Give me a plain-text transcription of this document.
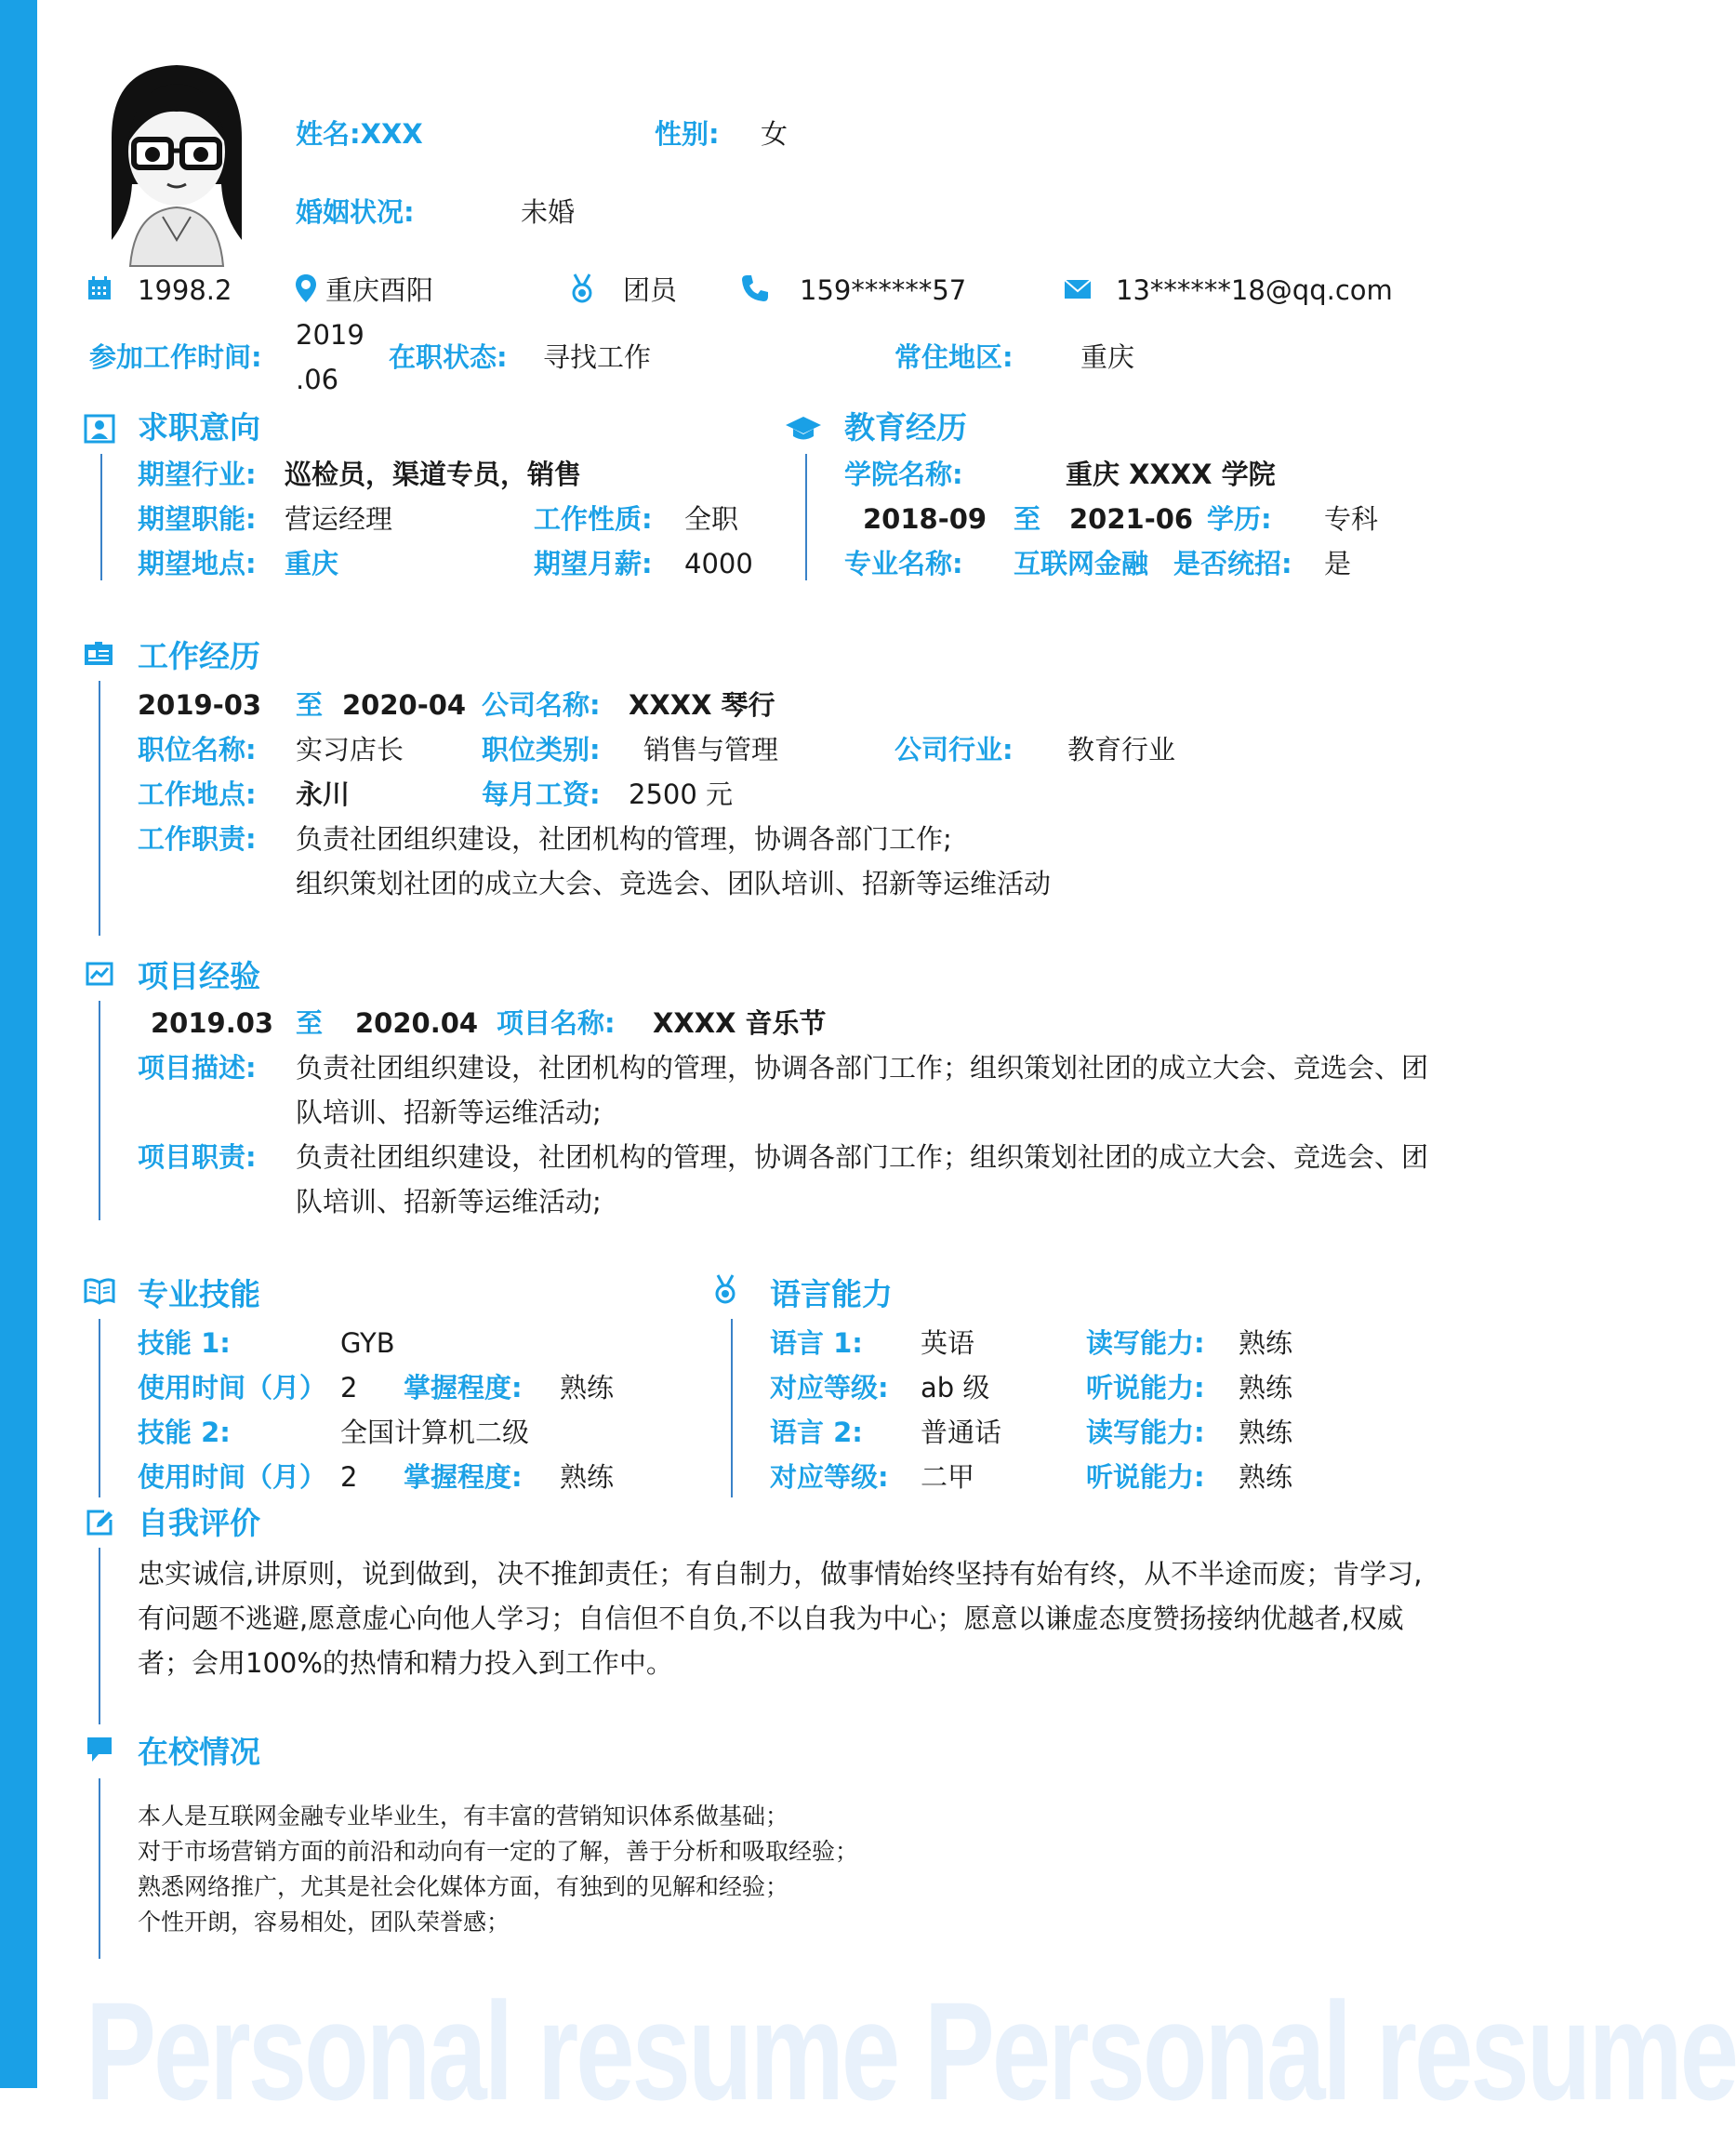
Personal resume Personal resume
姓名:XXX	性别: 女
婚姻状况:	未婚
1998.2	重庆酉阳	团员	159******57	13******18@qq.com
参加工作时间:
2019
.06
在职状态: 寻找工作	常住地区: 重庆
求职意向
期望行业: 巡检员，渠道专员，销售
期望职能: 营运经理	工作性质: 全职
期望地点: 重庆	期望月薪: 4000
教育经历
学院名称:	重庆 XXXX 学院
2018-09 至 2021-06 学历: 专科
专业名称: 互联网金融 是否统招: 是
工作经历
2019-03 至 2020-04 公司名称: XXXX 琴行
职位名称: 实习店长	职位类别: 销售与管理	公司行业: 教育行业
工作地点: 永川	每月工资: 2500 元
工作职责: 负责社团组织建设，社团机构的管理，协调各部门工作;
组织策划社团的成立大会、竞选会、团队培训、招新等运维活动
项目经验
2019.03 至 2020.04 项目名称: XXXX 音乐节
项目描述: 负责社团组织建设，社团机构的管理，协调各部门工作；组织策划社团的成立大会、竞选会、团队培训、招新等运维活动;
项目职责: 负责社团组织建设，社团机构的管理，协调各部门工作；组织策划社团的成立大会、竞选会、团队培训、招新等运维活动;
专业技能
技能 1:	GYB
使用时间（月） 2 掌握程度: 熟练
技能 2:	全国计算机二级
使用时间（月） 2 掌握程度: 熟练
语言能力
语言 1: 英语	读写能力: 熟练
对应等级: ab 级	听说能力: 熟练
语言 2: 普通话	读写能力: 熟练
对应等级: 二甲	听说能力: 熟练
自我评价
忠实诚信,讲原则，说到做到，决不推卸责任；有自制力，做事情始终坚持有始有终，从不半途而废；肯学习,有问题不逃避,愿意虚心向他人学习；自信但不自负,不以自我为中心；愿意以谦虚态度赞扬接纳优越者,权威者；会用100%的热情和精力投入到工作中。
在校情况
本人是互联网金融专业毕业生，有丰富的营销知识体系做基础；
对于市场营销方面的前沿和动向有一定的了解，善于分析和吸取经验；
熟悉网络推广，尤其是社会化媒体方面，有独到的见解和经验；
个性开朗，容易相处，团队荣誉感；
